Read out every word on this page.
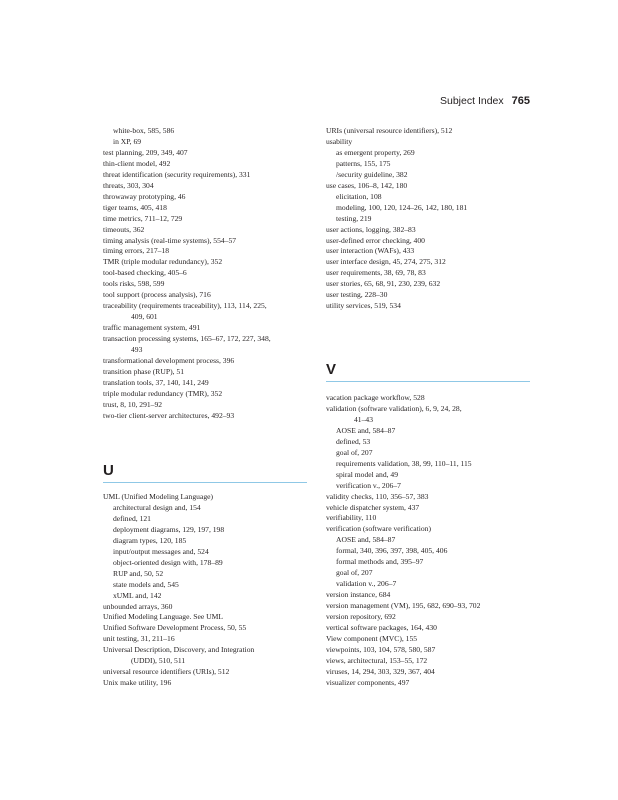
Subject Index 765
white-box, 585, 586
in XP, 69
test planning, 209, 349, 407
thin-client model, 492
threat identification (security requirements), 331
threats, 303, 304
throwaway prototyping, 46
tiger teams, 405, 418
time metrics, 711–12, 729
timeouts, 362
timing analysis (real-time systems), 554–57
timing errors, 217–18
TMR (triple modular redundancy), 352
tool-based checking, 405–6
tools risks, 598, 599
tool support (process analysis), 716
traceability (requirements traceability), 113, 114, 225,
409, 601
traffic management system, 491
transaction processing systems, 165–67, 172, 227, 348,
493
transformational development process, 396
transition phase (RUP), 51
translation tools, 37, 140, 141, 249
triple modular redundancy (TMR), 352
trust, 8, 10, 291–92
two-tier client-server architectures, 492–93
U
UML (Unified Modeling Language)
architectural design and, 154
defined, 121
deployment diagrams, 129, 197, 198
diagram types, 120, 185
input/output messages and, 524
object-oriented design with, 178–89
RUP and, 50, 52
state models and, 545
xUML and, 142
unbounded arrays, 360
Unified Modeling Language. See UML
Unified Software Development Process, 50, 55
unit testing, 31, 211–16
Universal Description, Discovery, and Integration
(UDDI), 510, 511
universal resource identifiers (URIs), 512
Unix make utility, 196
URIs (universal resource identifiers), 512
usability
as emergent property, 269
patterns, 155, 175
/security guideline, 382
use cases, 106–8, 142, 180
elicitation, 108
modeling, 100, 120, 124–26, 142, 180, 181
testing, 219
user actions, logging, 382–83
user-defined error checking, 400
user interaction (WAFs), 433
user interface design, 45, 274, 275, 312
user requirements, 38, 69, 78, 83
user stories, 65, 68, 91, 230, 239, 632
user testing, 228–30
utility services, 519, 534
V
vacation package workflow, 528
validation (software validation), 6, 9, 24, 28,
41–43
AOSE and, 584–87
defined, 53
goal of, 207
requirements validation, 38, 99, 110–11, 115
spiral model and, 49
verification v., 206–7
validity checks, 110, 356–57, 383
vehicle dispatcher system, 437
verifiability, 110
verification (software verification)
AOSE and, 584–87
formal, 340, 396, 397, 398, 405, 406
formal methods and, 395–97
goal of, 207
validation v., 206–7
version instance, 684
version management (VM), 195, 682, 690–93, 702
version repository, 692
vertical software packages, 164, 430
View component (MVC), 155
viewpoints, 103, 104, 578, 580, 587
views, architectural, 153–55, 172
viruses, 14, 294, 303, 329, 367, 404
visualizer components, 497
